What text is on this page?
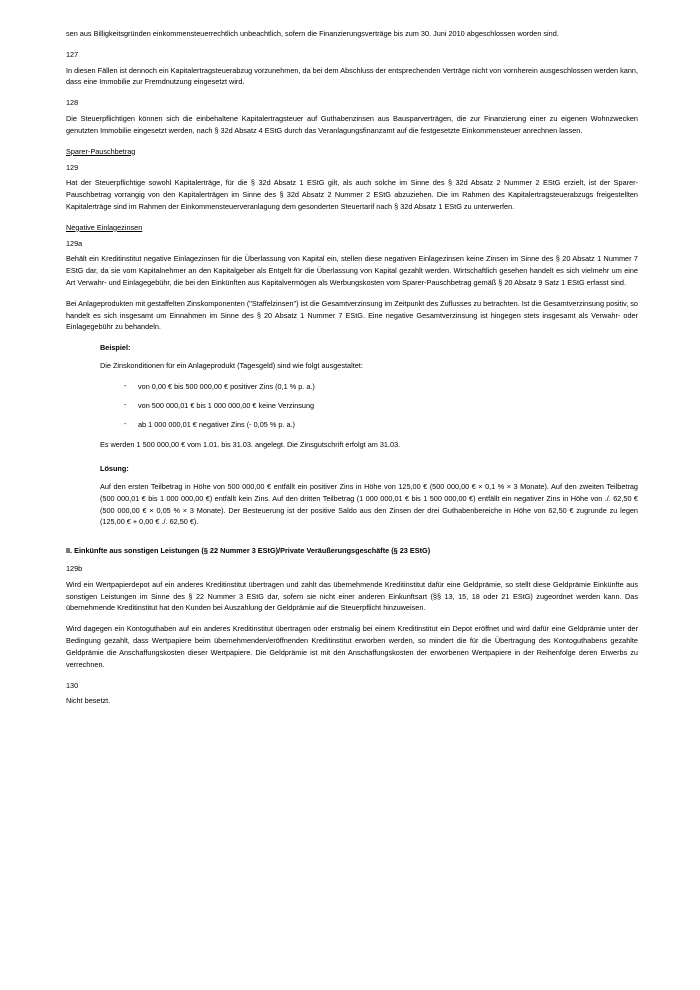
sen aus Billigkeitsgründen einkommensteuerrechtlich unbeachtlich, sofern die Finanzierungsverträge bis zum 30. Juni 2010 abgeschlossen worden sind.

127

In diesen Fällen ist dennoch ein Kapitalertragsteuerabzug vorzunehmen, da bei dem Abschluss der entsprechenden Verträge nicht von vornherein ausgeschlossen werden kann, dass eine Immobilie zur Fremdnutzung eingesetzt wird.

128

Die Steuerpflichtigen können sich die einbehaltene Kapitalertragsteuer auf Guthabenzinsen aus Bausparverträgen, die zur Finanzierung einer zu eigenen Wohnzwecken genutzten Immobilie eingesetzt werden, nach § 32d Absatz 4 EStG durch das Veranlagungsfinanzamt auf die festgesetzte Einkommensteuer anrechnen lassen.

Sparer-Pauschbetrag

129

Hat der Steuerpflichtige sowohl Kapitalerträge, für die § 32d Absatz 1 EStG gilt, als auch solche im Sinne des § 32d Absatz 2 Nummer 2 EStG erzielt, ist der Sparer-Pauschbetrag vorrangig von den Kapitalerträgen im Sinne des § 32d Absatz 2 Nummer 2 EStG abzuziehen. Die im Rahmen des Kapitalertragsteuerabzugs freigestellten Kapitalerträge sind im Rahmen der Einkommensteuerveranlagung dem gesonderten Steuertarif nach § 32d Absatz 1 EStG zu unterwerfen.

Negative Einlagezinsen

129a

Behält ein Kreditinstitut negative Einlagezinsen für die Überlassung von Kapital ein, stellen diese negativen Einlagezinsen keine Zinsen im Sinne des § 20 Absatz 1 Nummer 7 EStG dar, da sie vom Kapitalnehmer an den Kapitalgeber als Entgelt für die Überlassung von Kapital gezahlt werden. Wirtschaftlich gesehen handelt es sich vielmehr um eine Art Verwahr- und Einlagegebühr, die bei den Einkünften aus Kapitalvermögen als Werbungskosten vom Sparer-Pauschbetrag gemäß § 20 Absatz 9 Satz 1 EStG erfasst sind.

Bei Anlageprodukten mit gestaffelten Zinskomponenten ("Staffelzinsen") ist die Gesamtverzinsung im Zeitpunkt des Zuflusses zu betrachten. Ist die Gesamtverzinsung positiv, so handelt es sich insgesamt um Einnahmen im Sinne des § 20 Absatz 1 Nummer 7 EStG. Eine negative Gesamtverzinsung ist hingegen stets insgesamt als Verwahr- oder Einlagegebühr zu behandeln.

Beispiel:

Die Zinskonditionen für ein Anlageprodukt (Tagesgeld) sind wie folgt ausgestaltet:

- von 0,00 € bis 500 000,00 € positiver Zins (0,1 % p. a.)
- von 500 000,01 € bis 1 000 000,00 € keine Verzinsung
- ab 1 000 000,01 € negativer Zins (- 0,05 % p. a.)

Es werden 1 500 000,00 € vom 1.01. bis 31.03. angelegt. Die Zinsgutschrift erfolgt am 31.03.

Lösung:

Auf den ersten Teilbetrag in Höhe von 500 000,00 € entfällt ein positiver Zins in Höhe von 125,00 € (500 000,00 € × 0,1 % × 3 Monate). Auf den zweiten Teilbetrag (500 000,01 € bis 1 000 000,00 €) entfällt kein Zins. Auf den dritten Teilbetrag (1 000 000,01 € bis 1 500 000,00 €) entfällt ein negativer Zins in Höhe von ./. 62,50 € (500 000,00 € × 0,05 % × 3 Monate). Der Besteuerung ist der positive Saldo aus den Zinsen der drei Guthabenbereiche in Höhe von 62,50 € zugrunde zu legen (125,00 € + 0,00 € ./. 62,50 €).

II. Einkünfte aus sonstigen Leistungen (§ 22 Nummer 3 EStG)/Private Veräußerungsgeschäfte (§ 23 EStG)

129b

Wird ein Wertpapierdepot auf ein anderes Kreditinstitut übertragen und zahlt das übernehmende Kreditinstitut dafür eine Geldprämie, so stellt diese Geldprämie Einkünfte aus sonstigen Leistungen im Sinne des § 22 Nummer 3 EStG dar, sofern sie nicht einer anderen Einkunftsart (§§ 13, 15, 18 oder 21 EStG) zugeordnet werden kann. Das übernehmende Kreditinstitut hat den Kunden bei Auszahlung der Geldprämie auf die Steuerpflicht hinzuweisen.

Wird dagegen ein Kontoguthaben auf ein anderes Kreditinstitut übertragen oder erstmalig bei einem Kreditinstitut ein Depot eröffnet und wird dafür eine Geldprämie unter der Bedingung gezahlt, dass Wertpapiere beim übernehmenden/eröffnenden Kreditinstitut erworben werden, so mindert die für die Übertragung des Kontoguthabens gezahlte Geldprämie die Anschaffungskosten dieser Wertpapiere. Die Geldprämie ist mit den Anschaffungskosten der erworbenen Wertpapiere in der Reihenfolge deren Erwerbs zu verrechnen.

130

Nicht besetzt.
